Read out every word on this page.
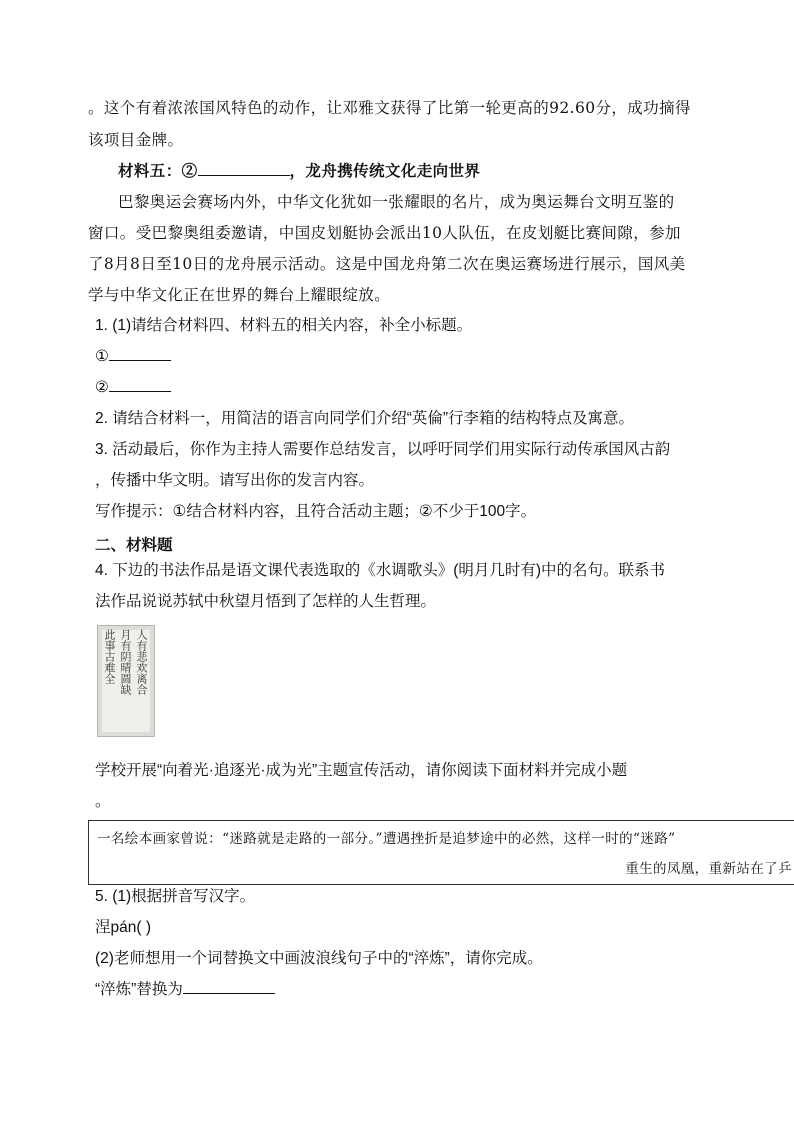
。这个有着浓浓国风特色的动作，让邓雅文获得了比第一轮更高的92.60分，成功摘得
该项目金牌。
材料五：②	，龙舟携传统文化走向世界
巴黎奥运会赛场内外，中华文化犹如一张耀眼的名片，成为奥运舞台文明互鉴的
窗口。受巴黎奥组委邀请，中国皮划艇协会派出10人队伍，在皮划艇比赛间隙，参加
了8月8日至10日的龙舟展示活动。这是中国龙舟第二次在奥运赛场进行展示，国风美
学与中华文化正在世界的舞台上耀眼绽放。
1. (1)请结合材料四、材料五的相关内容，补全小标题。
①
②
2. 请结合材料一，用简洁的语言向同学们介绍“英倫”行李箱的结构特点及寓意。
3. 活动最后，你作为主持人需要作总结发言，以呼吁同学们用实际行动传承国风古韵
，传播中华文明。请写出你的发言内容。
写作提示：①结合材料内容，且符合活动主题；②不少于100字。
二、材料题
4. 下边的书法作品是语文课代表选取的《水调歌头》(明月几时有)中的名句。联系书
法作品说说苏轼中秋望月悟到了怎样的人生哲理。
人有悲欢离合
月有阴晴圆缺
此事古难全
学校开展“向着光·追逐光·成为光”主题宣传活动，请你阅读下面材料并完成小题
。
一名绘本画家曾说：“迷路就是走路的一部分。”遭遇挫折是追梦途中的必然，这样一时的“迷路”
重生的凤凰，重新站在了乒
5. (1)根据拼音写汉字。
涅pán( )
(2)老师想用一个词替换文中画波浪线句子中的“淬炼”，请你完成。
“淬炼”替换为
